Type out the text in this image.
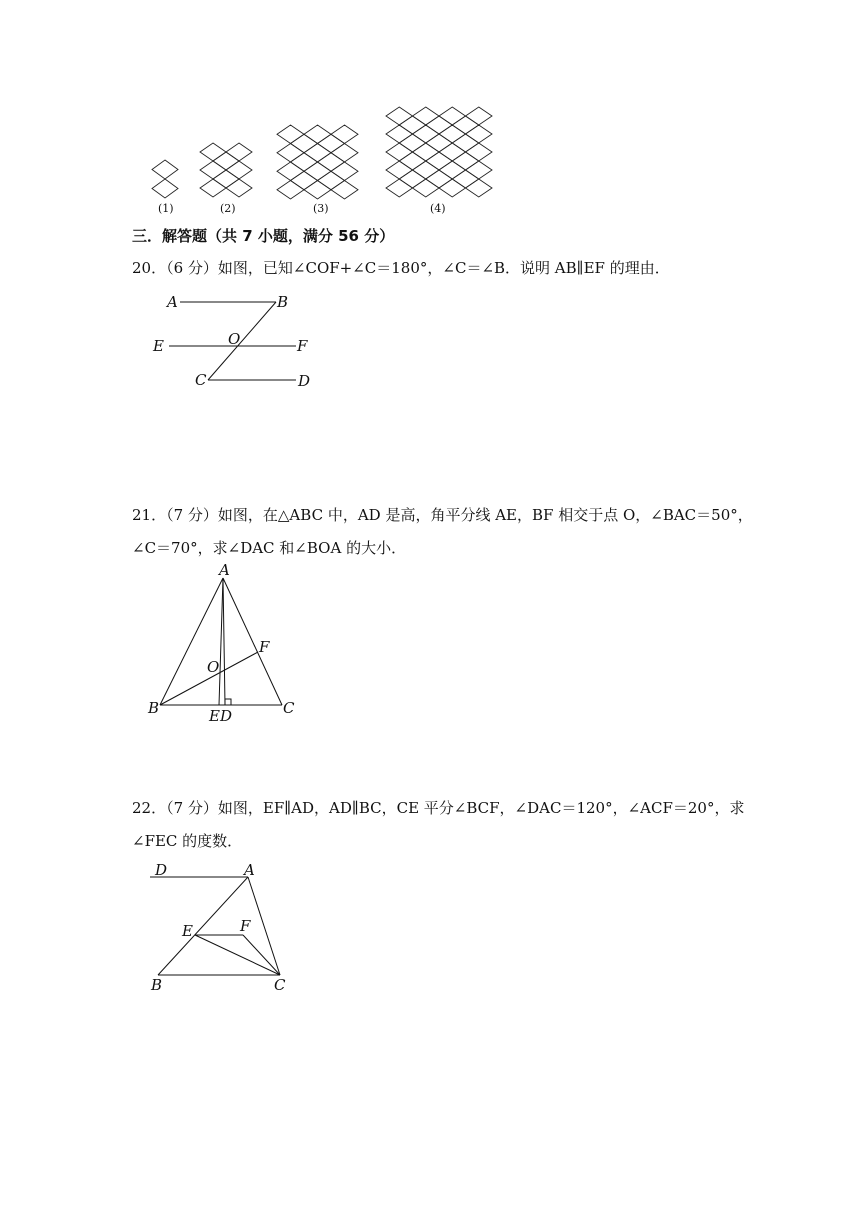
(1)	(2)	(3)	(4)
三．解答题（共 7 小题，满分 56 分）
20．（6 分）如图，已知∠COF+∠C＝180°，∠C＝∠B．说明 AB∥EF 的理由．
A	B
O
E	F
C	D
21．（7 分）如图，在△ABC 中，AD 是高，角平分线 AE，BF 相交于点 O，∠BAC＝50°，
∠C＝70°，求∠DAC 和∠BOA 的大小．
A
F
O
B	E D	C
22．（7 分）如图，EF∥AD，AD∥BC，CE 平分∠BCF，∠DAC＝120°，∠ACF＝20°，求
∠FEC 的度数．
D	A
E	F
B	C
